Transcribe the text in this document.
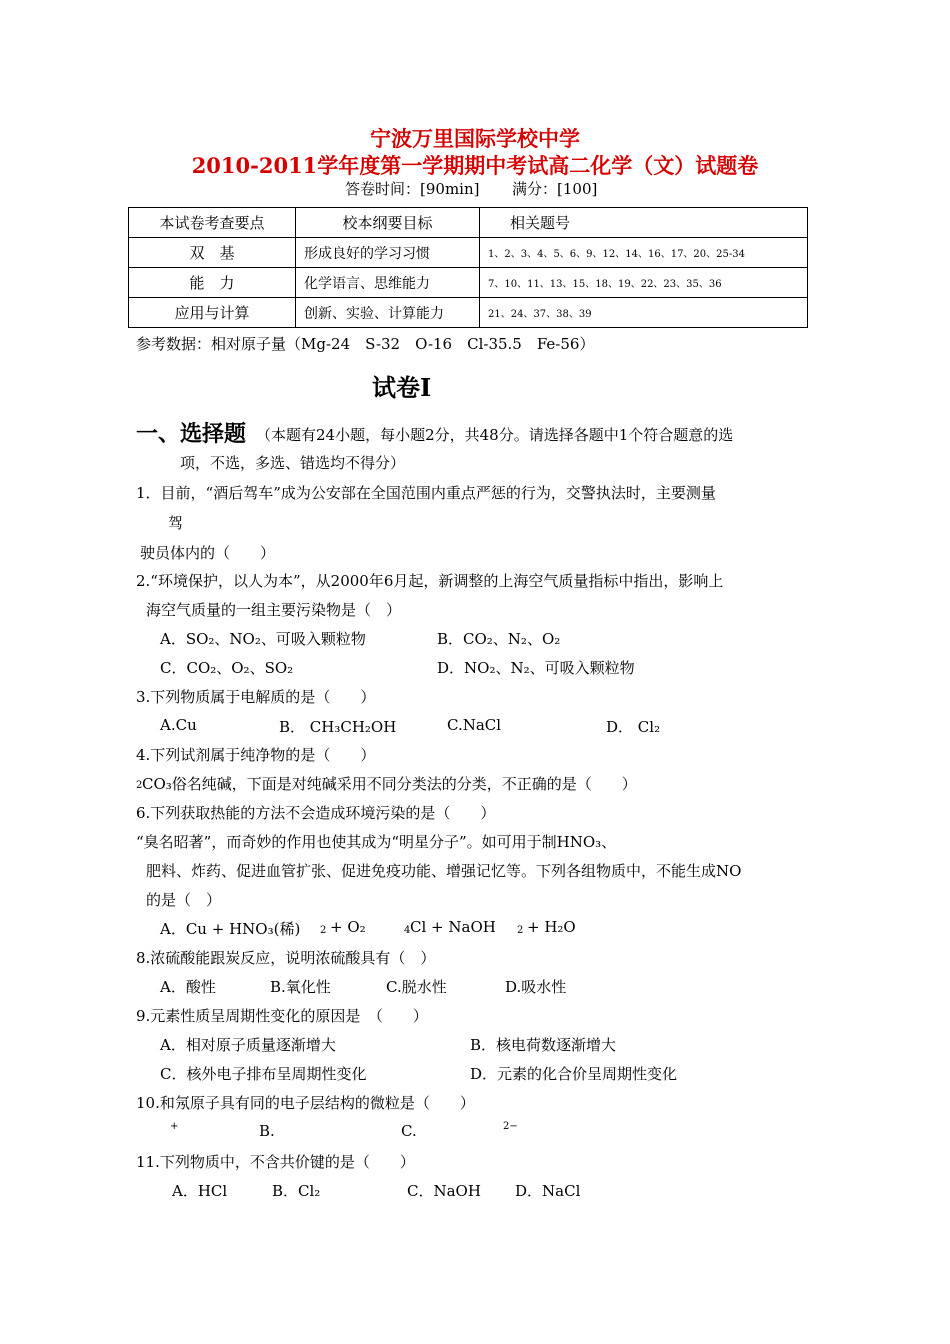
宁波万里国际学校中学
2010-2011学年度第一学期期中考试高二化学（文）试题卷
答卷时间：[90min] 满分：[100]
本试卷考查要点	校本纲要目标	相关题号
双　基	形成良好的学习习惯	1、2、3、4、5、6、9、12、14、16、17、20、25-34
能　力	化学语言、思维能力	7、10、11、13、15、18、19、22、23、35、36
应用与计算	创新、实验、计算能力	21、24、37、38、39
参考数据：相对原子量（Mg-24　S-32　O-16　Cl-35.5　Fe-56）
试卷Ⅰ
一、选择题 （本题有24小题，每小题2分，共48分。请选择各题中1个符合题意的选
项，不选，多选、错选均不得分）
1．目前，“酒后驾车”成为公安部在全国范围内重点严惩的行为，交警执法时，主要测量
驾
驶员体内的（　　）
2.“环境保护，以人为本”，从2000年6月起，新调整的上海空气质量指标中指出，影响上
海空气质量的一组主要污染物是（　）
A．SO₂、NO₂、可吸入颗粒物	B．CO₂、N₂、O₂
C．CO₂、O₂、SO₂	D．NO₂、N₂、可吸入颗粒物
3.下列物质属于电解质的是（　　）
A.Cu	B． CH₃CH₂OH	C.NaCl	D． Cl₂
4.下列试剂属于纯净物的是（　　）
2 CO₃俗名纯碱，下面是对纯碱采用不同分类法的分类，不正确的是（　　）
6.下列获取热能的方法不会造成环境污染的是（　　）
“臭名昭著”，而奇妙的作用也使其成为“明星分子”。如可用于制HNO₃、
肥料、炸药、促进血管扩张、促进免疫功能、增强记忆等。下列各组物质中，不能生成NO
的是（　）
A．Cu + HNO₃(稀) 2 + O₂	4 Cl + NaOH 2 + H₂O
8.浓硫酸能跟炭反应，说明浓硫酸具有（　）
A．酸性	B.氧化性	C.脱水性	D.吸水性
9.元素性质呈周期性变化的原因是　（　　）
A．相对原子质量逐渐增大	B．核电荷数逐渐增大
C．核外电子排布呈周期性变化	D．元素的化合价呈周期性变化
10.和氖原子具有同的电子层结构的微粒是（　　）
+	B.	C.	2−
11.下列物质中，不含共价键的是（　　）
A．HCl	B．Cl₂	C．NaOH D．NaCl
